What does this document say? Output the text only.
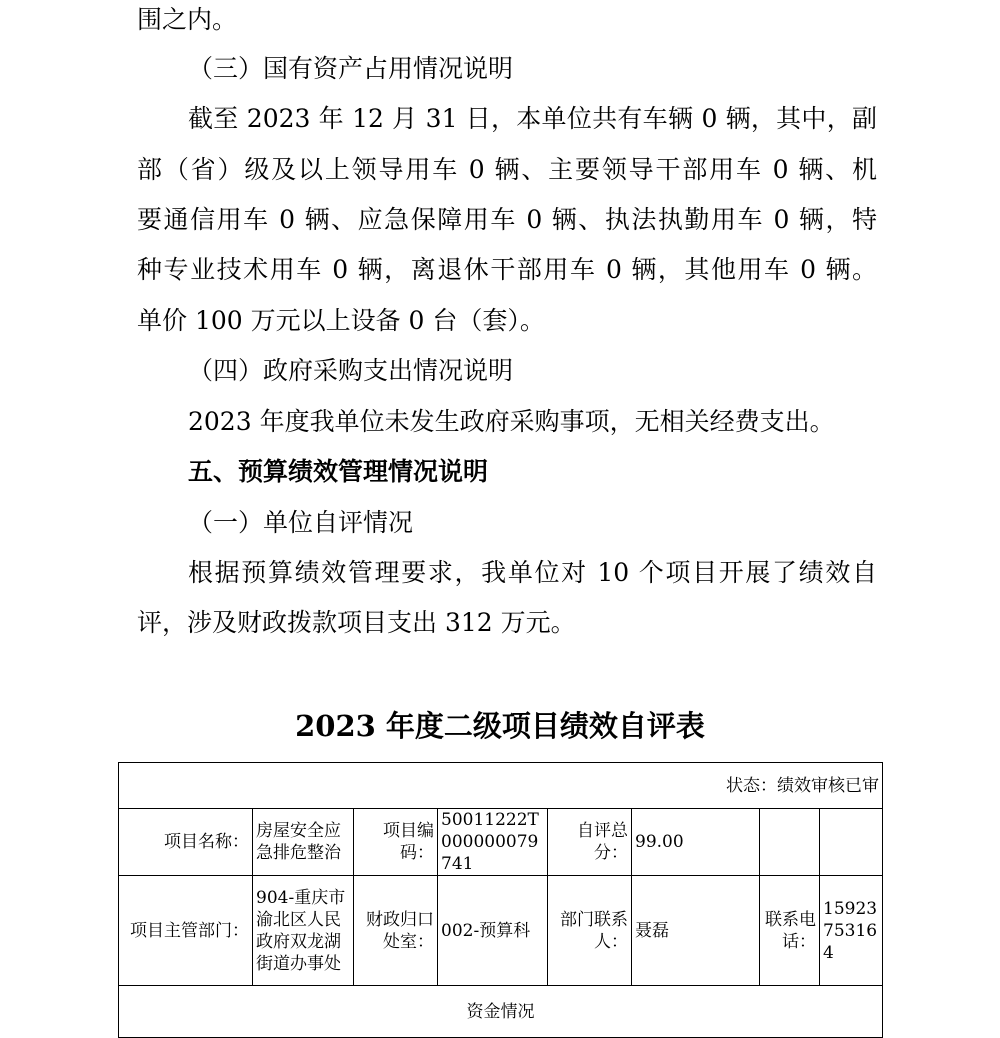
围之内。
（三）国有资产占用情况说明
截至 2023 年 12 月 31 日，本单位共有车辆 0 辆，其中，副
部（省）级及以上领导用车 0 辆、主要领导干部用车 0 辆、机
要通信用车 0 辆、应急保障用车 0 辆、执法执勤用车 0 辆，特
种专业技术用车 0 辆，离退休干部用车 0 辆，其他用车 0 辆。
单价 100 万元以上设备 0 台（套）。
（四）政府采购支出情况说明
2023 年度我单位未发生政府采购事项，无相关经费支出。
五、预算绩效管理情况说明
（一）单位自评情况
根据预算绩效管理要求，我单位对 10 个项目开展了绩效自
评，涉及财政拨款项目支出 312 万元。
2023 年度二级项目绩效自评表
状态：绩效审核已审							
项目名称：	房屋安全应急排危整治	项目编码：	50011222T000000079741	自评总分：	99.00		
项目主管部门：	904-重庆市渝北区人民政府双龙湖街道办事处	财政归口处室：	002-预算科	部门联系人：	聂磊	联系电话：	15923753164
资金情况							
